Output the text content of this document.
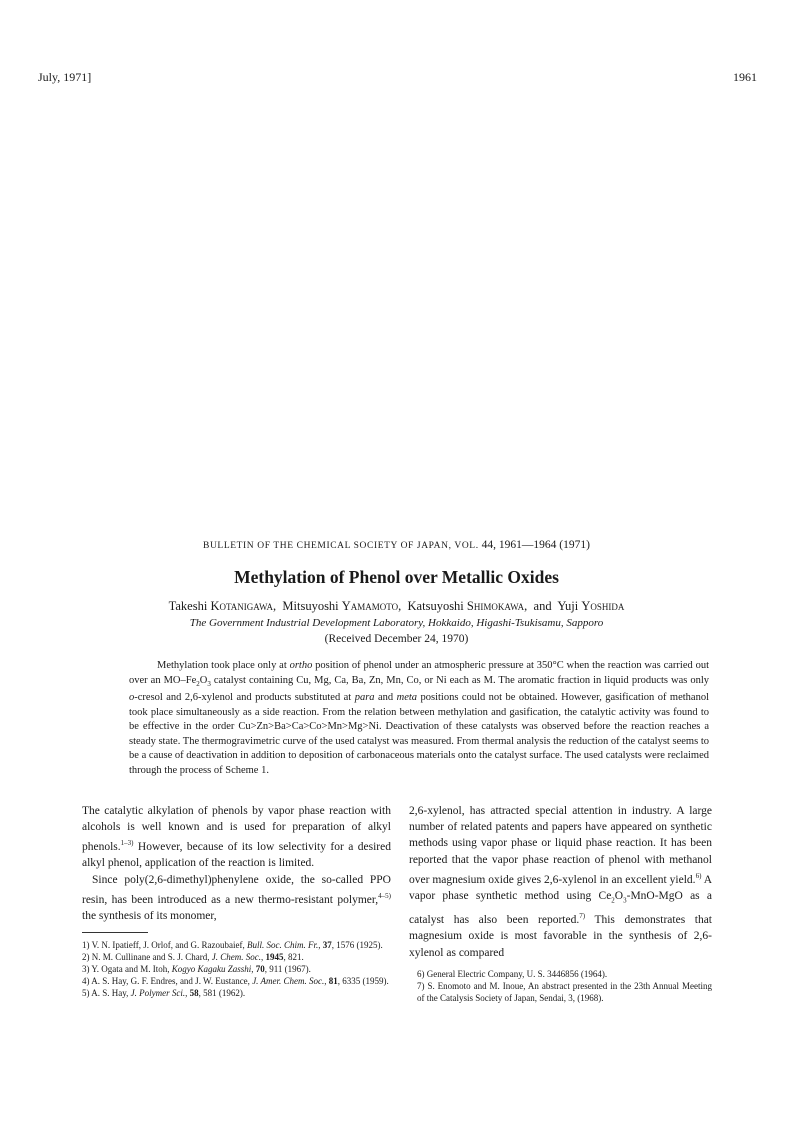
July, 1971]	1961
BULLETIN OF THE CHEMICAL SOCIETY OF JAPAN, VOL. 44, 1961—1964 (1971)
Methylation of Phenol over Metallic Oxides
Takeshi Kotanigawa,  Mitsuyoshi Yamamoto,  Katsuyoshi Shimokawa,  and Yuji Yoshida
The Government Industrial Development Laboratory, Hokkaido, Higashi-Tsukisamu, Sapporo
(Received December 24, 1970)

Methylation took place only at ortho position of phenol under an atmospheric pressure at 350°C when the reaction was carried out over an $MO-Fe_2O_3$ catalyst containing Cu, Mg, Ca, Ba, Zn, Mn, Co, or Ni each as M. The aromatic fraction in liquid products was only o-cresol and 2,6-xylenol and products substituted at para and meta positions could not be obtained. However, gasification of methanol took place simultaneously as a side reaction. From the relation between methylation and gasification, the catalytic activity was found to be effective in the order Cu>Zn>Ba>Ca>Co>Mn>Mg>Ni. Deactivation of these catalysts was observed before the reaction reaches a steady state. The thermogravimetric curve of the used catalyst was measured. From thermal analysis the reduction of the catalyst seems to be a cause of deactivation in addition to deposition of carbonaceous materials onto the catalyst surface. The used catalysts were reclaimed through the process of Scheme 1.

The catalytic alkylation of phenols by vapor phase reaction with alcohols is well known and is used for preparation of alkyl phenols.$^{1-3)}$ However, because of its low selectivity for a desired alkyl phenol, application of the reaction is limited.

Since poly(2,6-dimethyl)phenylene oxide, the so-called PPO resin, has been introduced as a new thermo-resistant polymer,$^{4-5)}$ the synthesis of its monomer,

2,6-xylenol, has attracted special attention in industry. A large number of related patents and papers have appeared on synthetic methods using vapor phase or liquid phase reaction. It has been reported that the vapor phase reaction of phenol with methanol over magnesium oxide gives 2,6-xylenol in an excellent yield.$^{6)}$ A vapor phase synthetic method using $Ce_2O_3-MnO$-MgO as a catalyst has also been reported.$^{7)}$ This demonstrates that magnesium oxide is most favorable in the synthesis of 2,6-xylenol as compared

1) V. N. Ipatieff, J. Orlof, and G. Razoubaief, Bull. Soc. Chim. Fr., 37, 1576 (1925).

2) N. M. Cullinane and S. J. Chard, J. Chem. Soc., 1945, 821.

3) Y. Ogata and M. Itoh, Kogyo Kagaku Zasshi, 70, 911 (1967).

4) A. S. Hay, G. F. Endres, and J. W. Eustance, J. Amer. Chem. Soc., 81, 6335 (1959).

5) A. S. Hay, J. Polymer Sci., 58, 581 (1962).

6) General Electric Company, U. S. 3446856 (1964).

7) S. Enomoto and M. Inoue, An abstract presented in the 23th Annual Meeting of the Catalysis Society of Japan, Sendai, 3, (1968).
